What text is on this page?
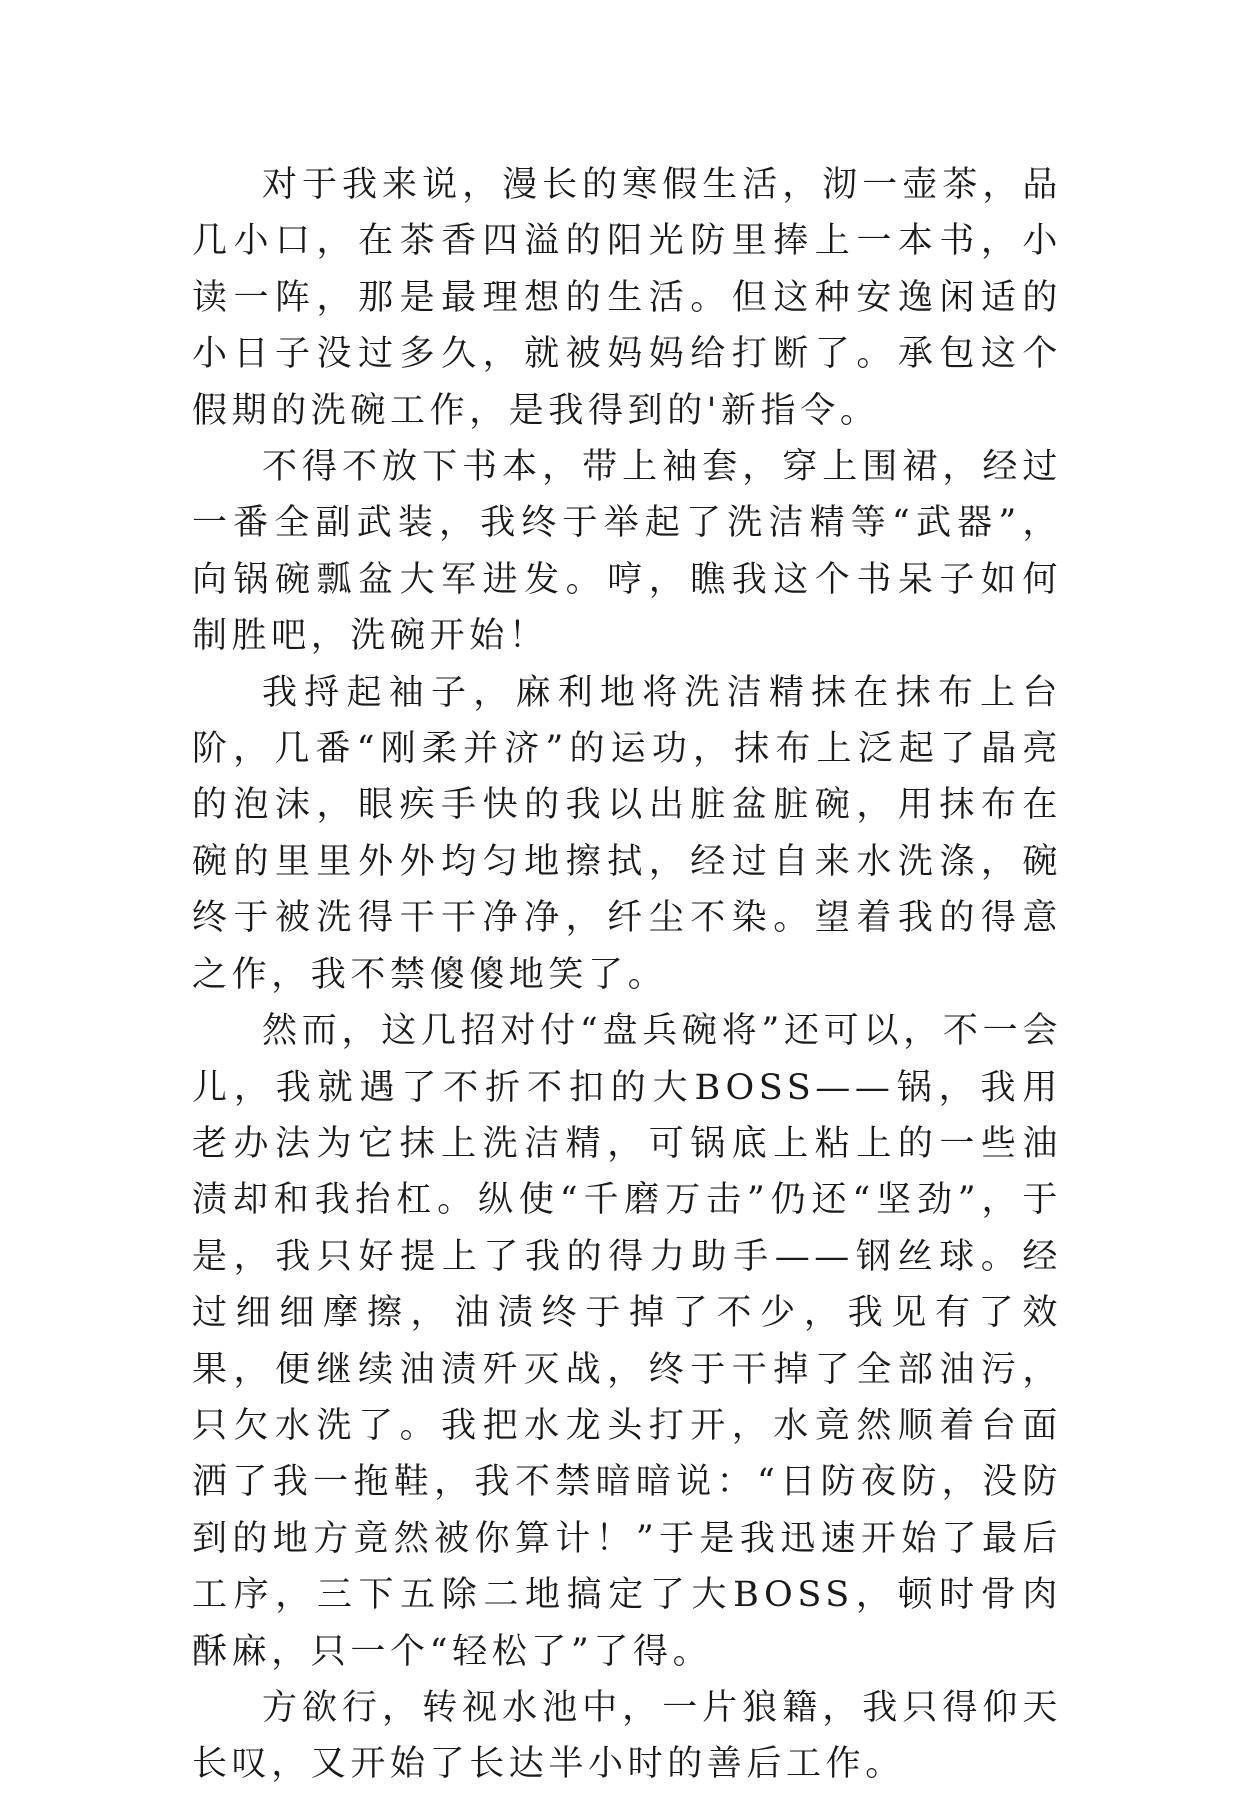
对于我来说，漫长的寒假生活，沏一壶茶，品几小口，在茶香四溢的阳光防里捧上一本书，小读一阵，那是最理想的生活。但这种安逸闲适的小日子没过多久，就被妈妈给打断了。承包这个假期的洗碗工作，是我得到的'新指令。

不得不放下书本，带上袖套，穿上围裙，经过一番全副武装，我终于举起了洗洁精等“武器”，向锅碗瓢盆大军进发。哼，瞧我这个书呆子如何制胜吧，洗碗开始！

我捋起袖子，麻利地将洗洁精抹在抹布上台阶，几番“刚柔并济”的运功，抹布上泛起了晶亮的泡沫，眼疾手快的我以出脏盆脏碗，用抹布在碗的里里外外均匀地擦拭，经过自来水洗涤，碗终于被洗得干干净净，纤尘不染。望着我的得意之作，我不禁傻傻地笑了。

然而，这几招对付“盘兵碗将”还可以，不一会儿，我就遇了不折不扣的大BOSS——锅，我用老办法为它抹上洗洁精，可锅底上粘上的一些油渍却和我抬杠。纵使“千磨万击”仍还“坚劲”，于是，我只好提上了我的得力助手——钢丝球。经过细细摩擦，油渍终于掉了不少，我见有了效果，便继续油渍歼灭战，终于干掉了全部油污，只欠水洗了。我把水龙头打开，水竟然顺着台面洒了我一拖鞋，我不禁暗暗说：“日防夜防，没防到的地方竟然被你算计！”于是我迅速开始了最后工序，三下五除二地搞定了大BOSS，顿时骨肉酥麻，只一个“轻松了”了得。

方欲行，转视水池中，一片狼籍，我只得仰天长叹，又开始了长达半小时的善后工作。
